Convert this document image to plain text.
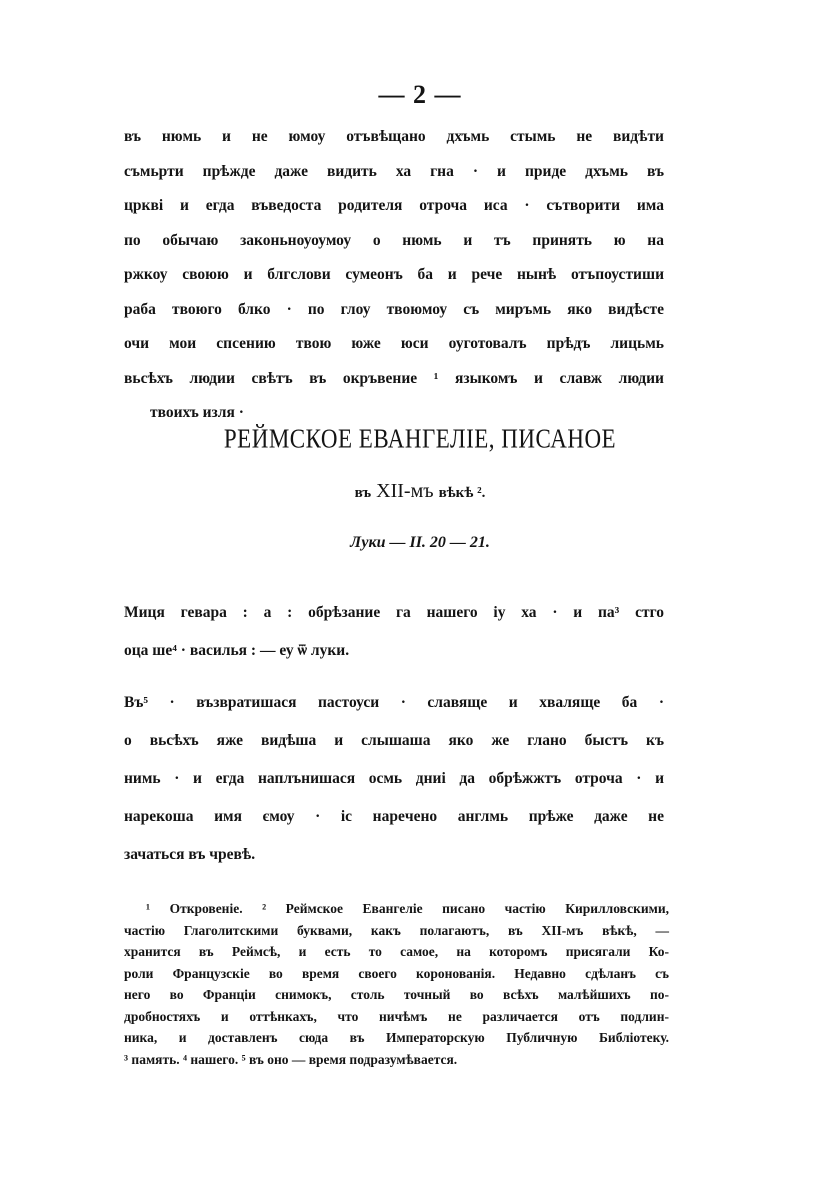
— 2 —
въ нюмь и не юмоу отъвѣщано дхъмь стымь не видѣти
съмьрти прѣжде даже видить ха гна · и приде дхъмь въ
цркві и егда въведоста родителя отроча иса · сътворити има
по обычаю законьноуоумоу о нюмь и тъ принять ю на
ржкоу своюю и блгслови сумеонъ ба и рече нынѣ отъпоустиши
раба твоюго блко · по глоу твоюмоу съ миръмь яко видѣсте
очи мои спсению твою юже юси оуготовалъ прѣдъ лицьмь
вьсѣхъ людии свѣтъ въ окръвение ¹ языкомъ и славж людии
твоихъ изля ·
РЕЙМСКОЕ ЕВАНГЕЛІЕ, ПИСАНОЕ
въ XII-мъ вѣкѣ ².
Луки — II. 20 — 21.
Миця гевара : а : обрѣзание га нашего іу ха · и па³ стго
оца ше⁴ · василья : — еу ѿ луки.
Въ⁵ · възвратишася пастоуси · славяще и хваляще ба ·
о вьсѣхъ яже видѣша и слышаша яко же глано быстъ къ
нимь · и егда наплънишася осмь дниi да обрѣжжтъ отроча · и
нарекоша имя ємоу · іс нарeчено англмь прѣже даже не
зачаться въ чревѣ.
¹ Откровеніе. ² Реймское Евангеліе писано частію Кирилловскими,
частію Глаголитскими буквами, какъ полагаютъ, въ XII-мъ вѣкѣ, —
хранится въ Реймсѣ, и есть то самое, на которомъ присягали Ко-
роли Французскіе во время своего коронованія. Недавно сдѣланъ съ
него во Франціи снимокъ, столь точный во всѣхъ малѣйшихъ по-
дробностяхъ и оттѣнкахъ, что ничѣмъ не различается отъ подлин-
ника, и доставленъ сюда въ Императорскую Публичную Библіотеку.
³ память. ⁴ нашего. ⁵ въ оно — время подразумѣвается.
